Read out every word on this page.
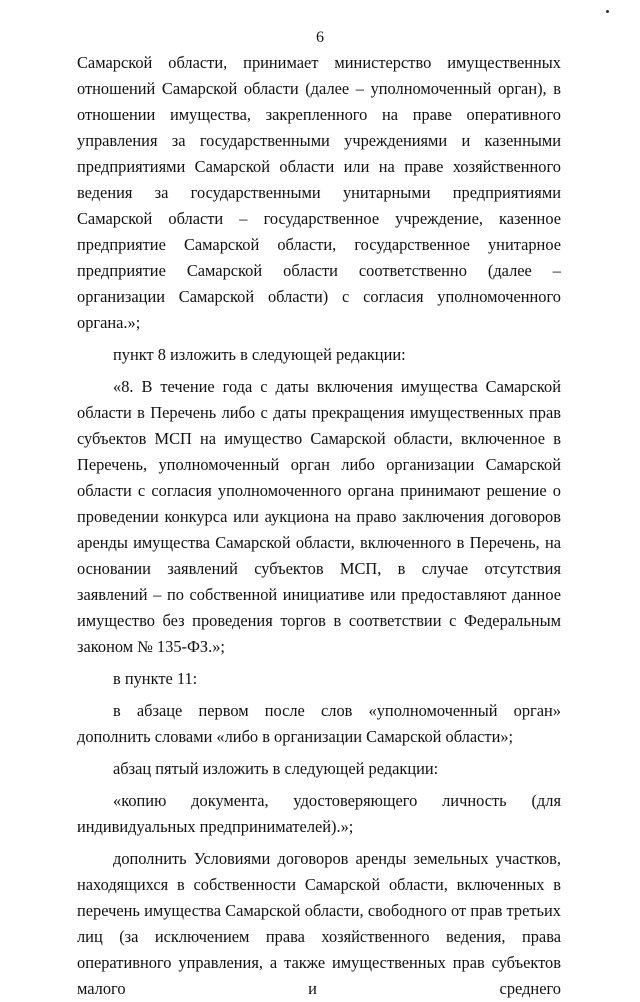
6

Самарской области, принимает министерство имущественных отношений Самарской области (далее – уполномоченный орган), в отношении имущества, закрепленного на праве оперативного управления за государственными учреждениями и казенными предприятиями Самарской области или на праве хозяйственного ведения за государственными унитарными предприятиями Самарской области – государственное учреждение, казенное предприятие Самарской области, государственное унитарное предприятие Самарской области соответственно (далее – организации Самарской области) с согласия уполномоченного органа.»;

пункт 8 изложить в следующей редакции:

«8. В течение года с даты включения имущества Самарской области в Перечень либо с даты прекращения имущественных прав субъектов МСП на имущество Самарской области, включенное в Перечень, уполномоченный орган либо организации Самарской области с согласия уполномоченного органа принимают решение о проведении конкурса или аукциона на право заключения договоров аренды имущества Самарской области, включенного в Перечень, на основании заявлений субъектов МСП, в случае отсутствия заявлений – по собственной инициативе или предоставляют данное имущество без проведения торгов в соответствии с Федеральным законом № 135-ФЗ.»;

в пункте 11:

в абзаце первом после слов «уполномоченный орган» дополнить словами «либо в организации Самарской области»;

абзац пятый изложить в следующей редакции:

«копию документа, удостоверяющего личность (для индивидуальных предпринимателей).»;

дополнить Условиями договоров аренды земельных участков, находящихся в собственности Самарской области, включенных в перечень имущества Самарской области, свободного от прав третьих лиц (за исключением права хозяйственного ведения, права оперативного управления, а также имущественных прав субъектов малого и среднего
